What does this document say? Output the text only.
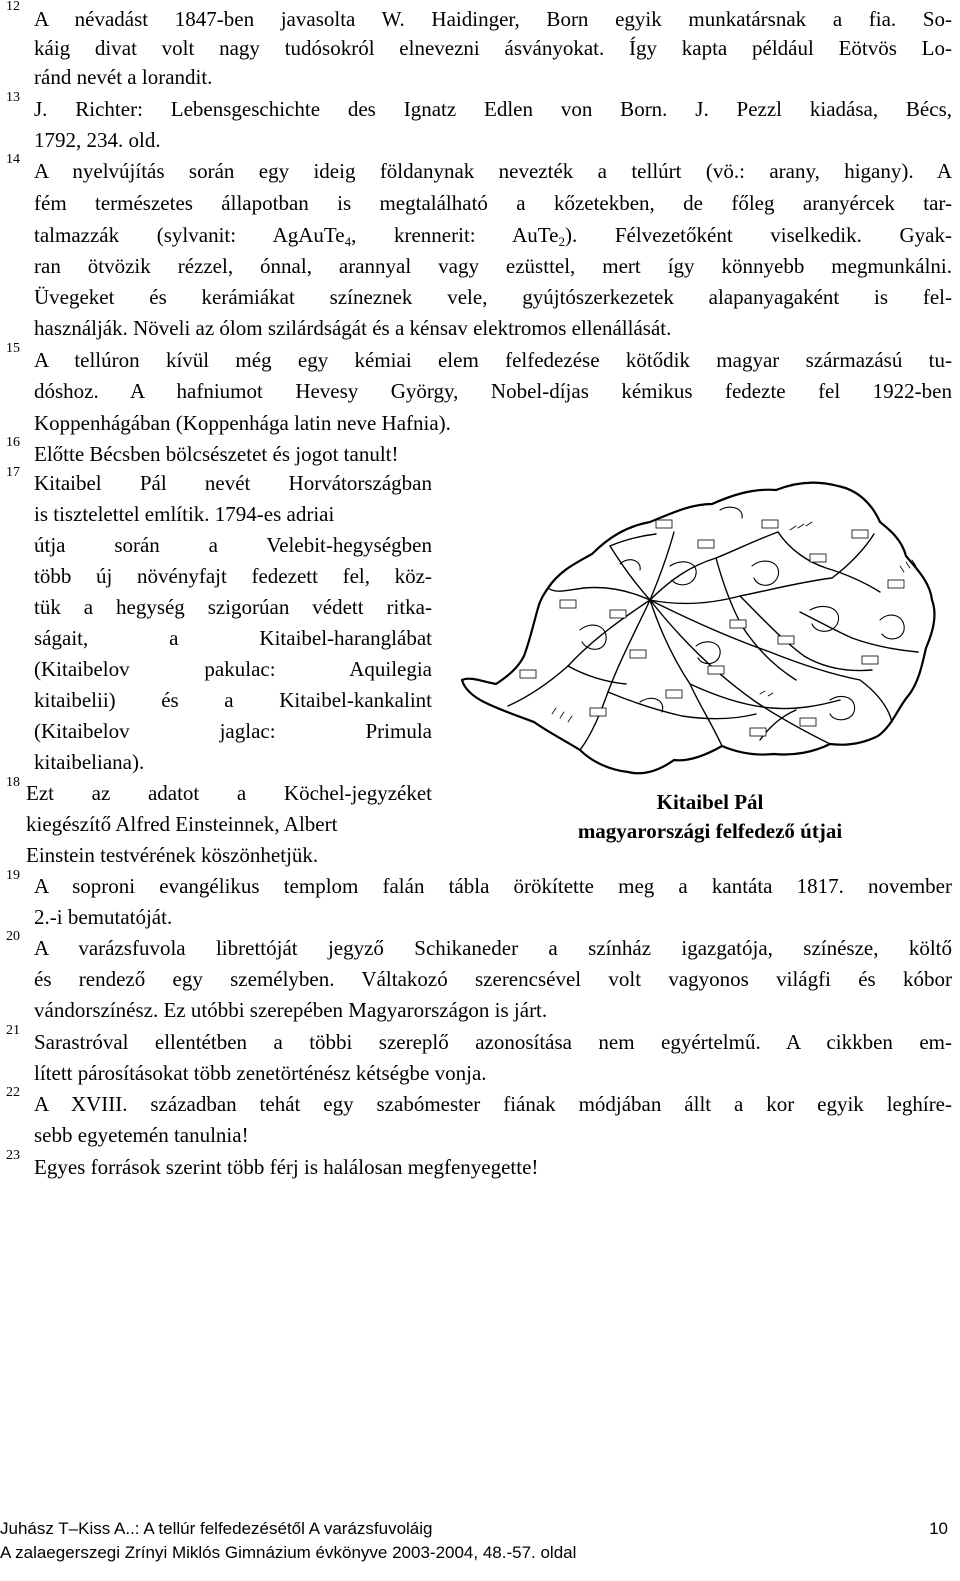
12
A névadást 1847-ben javasolta W. Haidinger, Born egyik munkatársnak a fia. So-
káig divat volt nagy tudósokról elnevezni ásványokat. Így kapta például Eötvös Lo-
ránd nevét a lorandit.
13 J. Richter: Lebensgeschichte des Ignatz Edlen von Born. J. Pezzl kiadása, Bécs,
1792, 234. old.
14 A nyelvújítás során egy ideig földanynak nevezték a tellúrt (vö.: arany, higany). A
fém természetes állapotban is megtalálható a kőzetekben, de főleg aranyércek tar-
talmazzák (sylvanit: AgAuTe$_4$, krennerit: AuTe$_2$). Félvezetőként viselkedik. Gyak-
ran ötvözik rézzel, ónnal, arannyal vagy ezüsttel, mert így könnyebb megmunkálni.
Üvegeket és kerámiákat színeznek vele, gyújtószerkezetek alapanyagaként is fel-
használják. Növeli az ólom szilárdságát és a kénsav elektromos ellenállását.
15 A tellúron kívül még egy kémiai elem felfedezése kötődik magyar származású tu-
dóshoz. A hafniumot Hevesy György, Nobel-díjas kémikus fedezte fel 1922-ben
Koppenhágában (Koppenhága latin neve Hafnia).
16 Előtte Bécsben bölcsészetet és jogot tanult!
17 Kitaibel Pál nevét Horvátországban
is tisztelettel említik. 1794-es adriai
útja során a Velebit-hegységben
több új növényfajt fedezett fel, köz-
tük a hegység szigorúan védett ritka-
ságait, a Kitaibel-haranglábat
(Kitaibelov pakulac: Aquilegia
kitaibelii) és a Kitaibel-kankalint
(Kitaibelov jaglac: Primula
kitaibeliana).
18 Ezt az adatot a Köchel-jegyzéket
kiegészítő Alfred Einsteinnek, Albert
Einstein testvérének köszönhetjük.
19 A soproni evangélikus templom falán tábla örökítette meg a kantáta 1817. november
2.-i bemutatóját.
20 A varázsfuvola librettóját jegyző Schikaneder a színház igazgatója, színésze, költő
és rendező egy személyben. Váltakozó szerencsével volt vagyonos világfi és kóbor
vándorszínész. Ez utóbbi szerepében Magyarországon is járt.
21 Sarastróval ellentétben a többi szereplő azonosítása nem egyértelmű. A cikkben em-
lített párosításokat több zenetörténész kétségbe vonja.
22 A XVIII. században tehát egy szabómester fiának módjában állt a kor egyik leghíre-
sebb egyetemén tanulnia!
23 Egyes források szerint több férj is halálosan megfenyegette!
Kitaibel Pál
magyarországi felfedező útjai
Juhász T–Kiss A..: A tellúr felfedezésétől A varázsfuvoláig
A zalaegerszegi Zrínyi Miklós Gimnázium évkönyve 2003-2004, 48.-57. oldal
10
